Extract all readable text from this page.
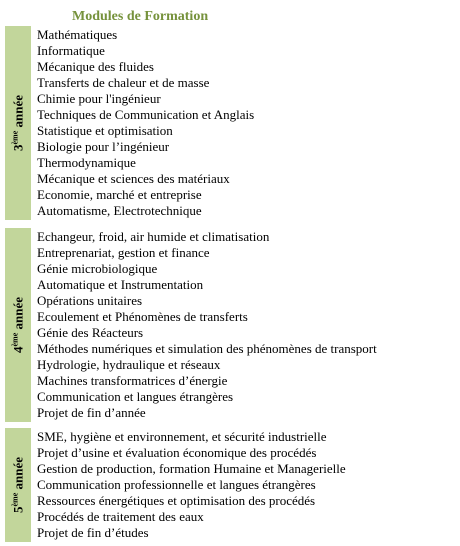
Modules de Formation
3ème année
Mathématiques
Informatique
Mécanique des fluides
Transferts de chaleur et de masse
Chimie pour l'ingénieur
Techniques de Communication et Anglais
Statistique et optimisation
Biologie pour l’ingénieur
Thermodynamique
Mécanique et sciences des matériaux
Economie, marché et entreprise
Automatisme, Electrotechnique
4ème année
Echangeur, froid, air humide et climatisation
Entreprenariat, gestion et finance
Génie microbiologique
Automatique et Instrumentation
Opérations unitaires
Ecoulement et Phénomènes de transferts
Génie des Réacteurs
Méthodes numériques et simulation des phénomènes de transport
Hydrologie, hydraulique et réseaux
Machines transformatrices d’énergie
Communication et langues étrangères
Projet de fin d’année
5ème année
SME, hygiène et environnement, et sécurité industrielle
Projet d’usine et évaluation économique des procédés
Gestion de production, formation Humaine et Managerielle
Communication professionnelle et langues étrangères
Ressources énergétiques et optimisation des procédés
Procédés de traitement des eaux
Projet de fin d’études
